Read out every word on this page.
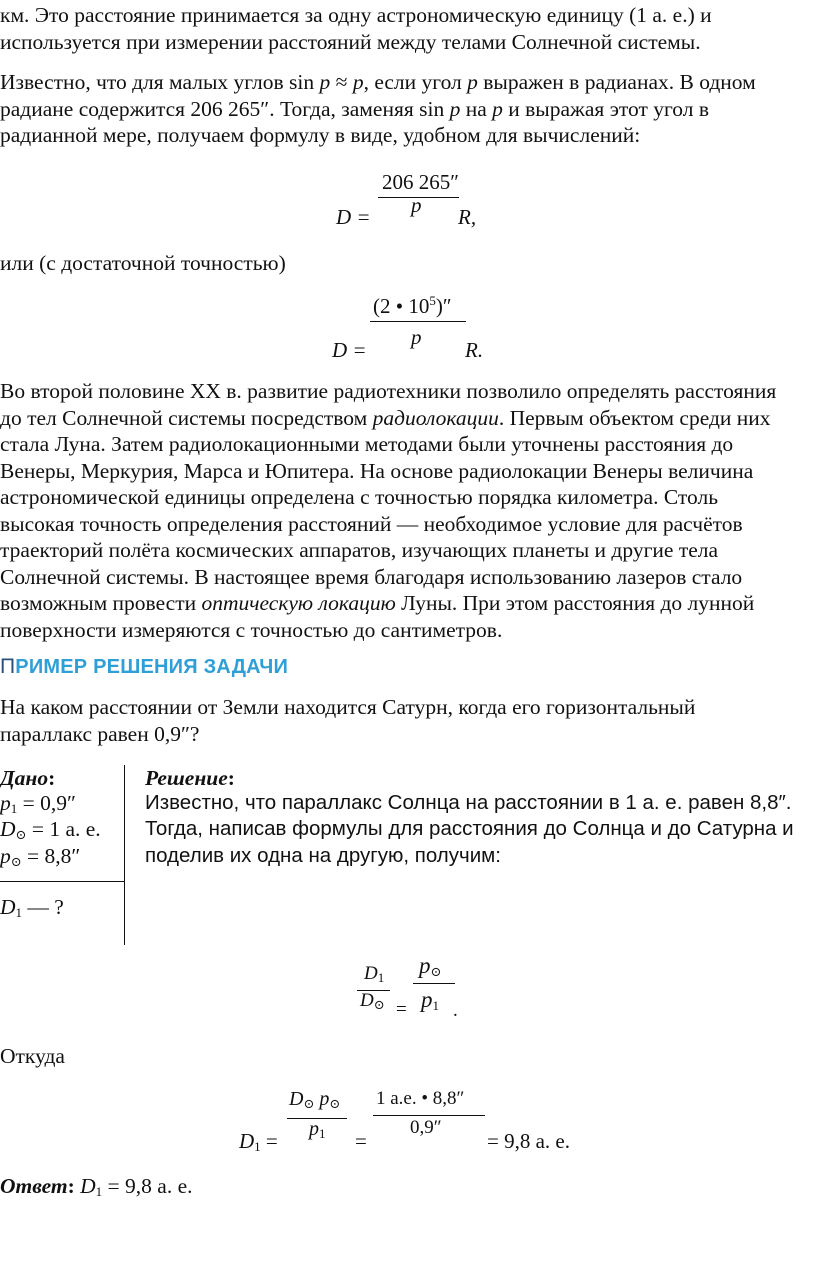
км. Это расстояние принимается за одну астрономическую единицу (1 а. е.) и
используется при измерении расстояний между телами Солнечной системы.
Известно, что для малых углов sin p ≈ p, если угол p выражен в радианах. В одном
радиане содержится 206 265″. Тогда, заменяя sin p на p и выражая этот угол в
радианной мере, получаем формулу в виде, удобном для вычислений:
206 265″
p
D =	R,
или (с достаточной точностью)
(2 • $10^5)''$
p
D =	R.
Во второй половине XX в. развитие радиотехники позволило определять расстояния
до тел Солнечной системы посредством радиолокации. Первым объектом среди них
стала Луна. Затем радиолокационными методами были уточнены расстояния до
Венеры, Меркурия, Марса и Юпитера. На основе радиолокации Венеры величина
астрономической единицы определена с точностью порядка километра. Столь
высокая точность определения расстояний — необходимое условие для расчётов
траекторий полёта космических аппаратов, изучающих планеты и другие тела
Солнечной системы. В настоящее время благодаря использованию лазеров стало
возможным провести оптическую локацию Луны. При этом расстояния до лунной
поверхности измеряются с точностью до сантиметров.
ПРИМЕР РЕШЕНИЯ ЗАДАЧИ
На каком расстоянии от Земли находится Сатурн, когда его горизонтальный
параллакс равен 0,9″?
Дано:
$p_1 = 0,9''$
$D_⊙ = 1$ а. е.
$p_⊙ = 8,8''$
$D_1$ — ?
Решение:
Известно, что параллакс Солнца на расстоянии в 1 а. е. равен 8,8″.
Тогда, написав формулы для расстояния до Солнца и до Сатурна и
поделив их одна на другую, получим:
$D_1$
$D_⊙$ =
$p_⊙$
$p_1$ .
Откуда
$D_1$ =
$D_⊙$ $p_⊙$
$p_1$ =
1 а.е. • 8,8″
0,9″
= 9,8 а. е.
Ответ: $D_1 = 9,8$ а. е.
